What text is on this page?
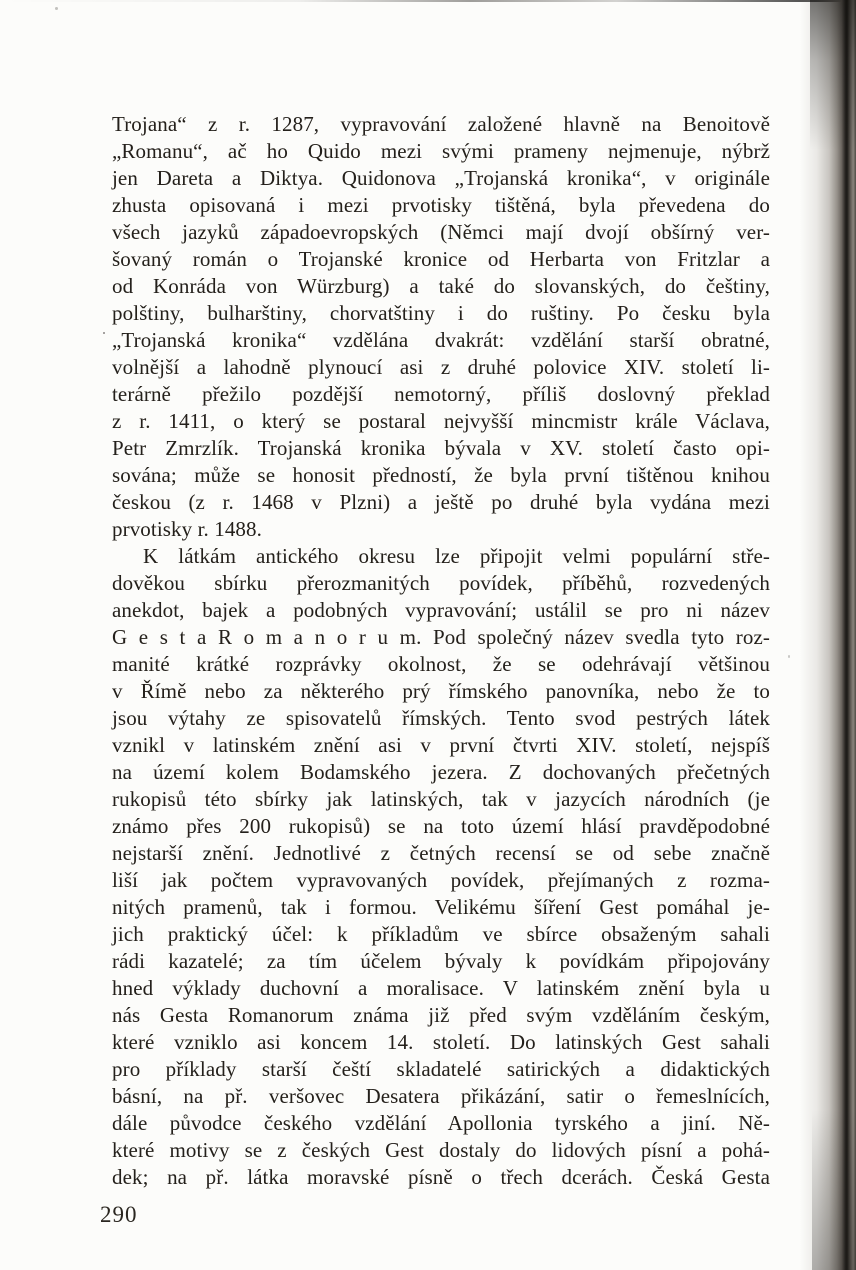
Trojana“ z r. 1287, vypravování založené hlavně na Benoitově
„Romanu“, ač ho Quido mezi svými prameny nejmenuje, nýbrž
jen Dareta a Diktya. Quidonova „Trojanská kronika“, v originále
zhusta opisovaná i mezi prvotisky tištěná, byla převedena do
všech jazyků západoevropských (Němci mají dvojí obšírný ver-
šovaný román o Trojanské kronice od Herbarta von Fritzlar a
od Konráda von Würzburg) a také do slovanských, do češtiny,
polštiny, bulharštiny, chorvatštiny i do ruštiny. Po česku byla
„Trojanská kronika“ vzdělána dvakrát: vzdělání starší obratné,
volnější a lahodně plynoucí asi z druhé polovice XIV. století li-
terárně přežilo pozdější nemotorný, příliš doslovný překlad
z r. 1411, o který se postaral nejvyšší mincmistr krále Václava,
Petr Zmrzlík. Trojanská kronika bývala v XV. století často opi-
sována; může se honosit předností, že byla první tištěnou knihou
českou (z r. 1468 v Plzni) a ještě po druhé byla vydána mezi
prvotisky r. 1488.
K látkám antického okresu lze připojit velmi populární stře-
dověkou sbírku přerozmanitých povídek, příběhů, rozvedených
anekdot, bajek a podobných vypravování; ustálil se pro ni název
G e s t a R o m a n o r u m. Pod společný název svedla tyto roz-
manité krátké rozprávky okolnost, že se odehrávají většinou
v Římě nebo za některého prý římského panovníka, nebo že to
jsou výtahy ze spisovatelů římských. Tento svod pestrých látek
vznikl v latinském znění asi v první čtvrti XIV. století, nejspíš
na území kolem Bodamského jezera. Z dochovaných přečetných
rukopisů této sbírky jak latinských, tak v jazycích národních (je
známo přes 200 rukopisů) se na toto území hlásí pravděpodobné
nejstarší znění. Jednotlivé z četných recensí se od sebe značně
liší jak počtem vypravovaných povídek, přejímaných z rozma-
nitých pramenů, tak i formou. Velikému šíření Gest pomáhal je-
jich praktický účel: k příkladům ve sbírce obsaženým sahali
rádi kazatelé; za tím účelem bývaly k povídkám připojovány
hned výklady duchovní a moralisace. V latinském znění byla u
nás Gesta Romanorum známa již před svým vzděláním českým,
které vzniklo asi koncem 14. století. Do latinských Gest sahali
pro příklady starší čeští skladatelé satirických a didaktických
básní, na př. veršovec Desatera přikázání, satir o řemeslnících,
dále původce českého vzdělání Apollonia tyrského a jiní. Ně-
které motivy se z českých Gest dostaly do lidových písní a pohá-
dek; na př. látka moravské písně o třech dcerách. Česká Gesta
290
